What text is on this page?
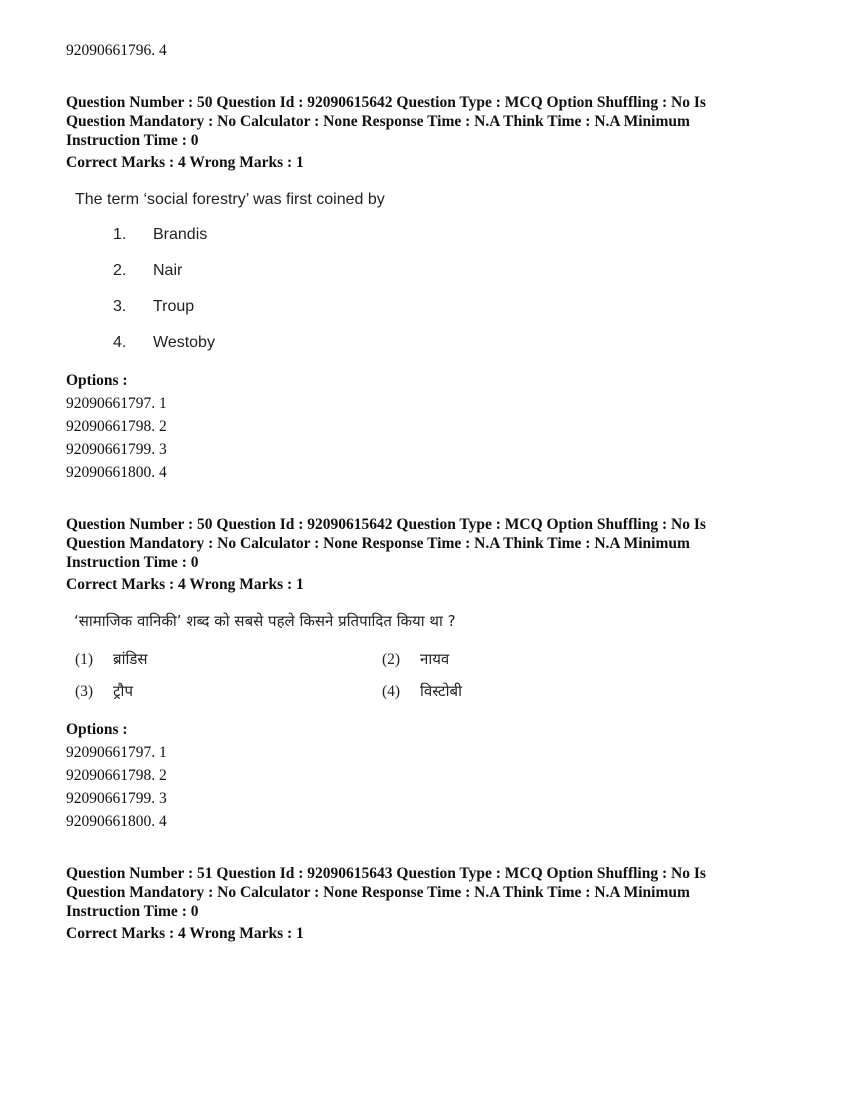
92090661796. 4
Question Number : 50 Question Id : 92090615642 Question Type : MCQ Option Shuffling : No Is
Question Mandatory : No Calculator : None Response Time : N.A Think Time : N.A Minimum
Instruction Time : 0
Correct Marks : 4 Wrong Marks : 1
The term ‘social forestry’ was first coined by
1.	Brandis
2.	Nair
3.	Troup
4.	Westoby
Options :
92090661797. 1
92090661798. 2
92090661799. 3
92090661800. 4
Question Number : 50 Question Id : 92090615642 Question Type : MCQ Option Shuffling : No Is
Question Mandatory : No Calculator : None Response Time : N.A Think Time : N.A Minimum
Instruction Time : 0
Correct Marks : 4 Wrong Marks : 1
‘सामाजिक वानिकी’ शब्द को सबसे पहले किसने प्रतिपादित किया था ?
(1) ब्रांडिस	(2) नायव
(3) ट्रौप	(4) विस्टोबी
Options :
92090661797. 1
92090661798. 2
92090661799. 3
92090661800. 4
Question Number : 51 Question Id : 92090615643 Question Type : MCQ Option Shuffling : No Is
Question Mandatory : No Calculator : None Response Time : N.A Think Time : N.A Minimum
Instruction Time : 0
Correct Marks : 4 Wrong Marks : 1
